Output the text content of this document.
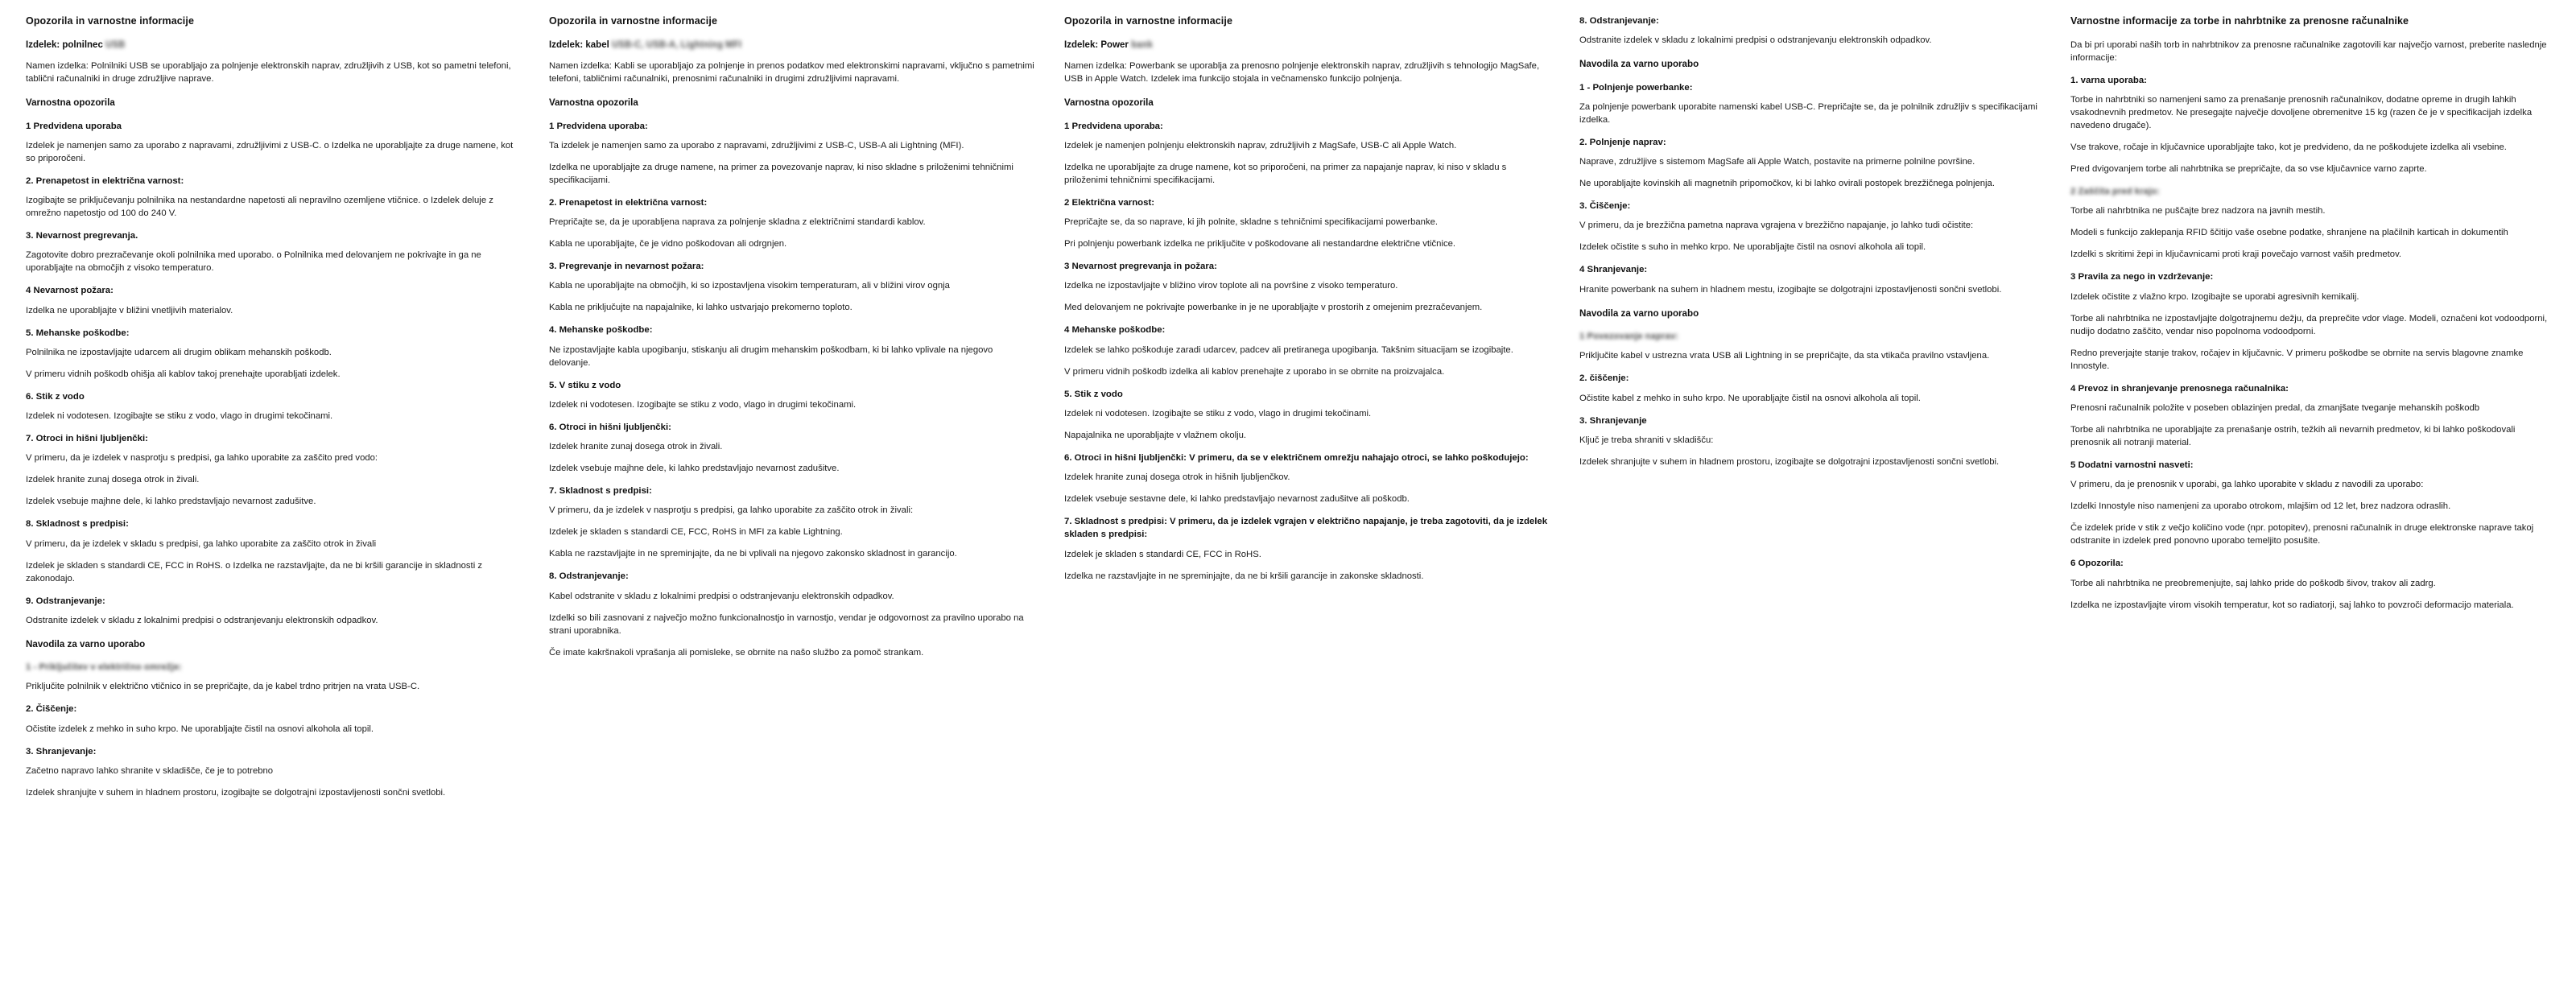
Opozorila in varnostne informacije
Izdelek: polnilnec USB

Namen izdelka: Polnilniki USB se uporabljajo za polnjenje elektronskih naprav, združljivih z USB, kot so pametni telefoni, tablični računalniki in druge združljive naprave.

Varnostna opozorila
1 Predvidena uporaba

Izdelek je namenjen samo za uporabo z napravami, združljivimi z USB-C. o Izdelka ne uporabljajte za druge namene, kot so priporočeni.

2. Prenapetost in električna varnost:

Izogibajte se priključevanju polnilnika na nestandardne napetosti ali nepravilno ozemljene vtičnice. o Izdelek deluje z omrežno napetostjo od 100 do 240 V.

3. Nevarnost pregrevanja.

Zagotovite dobro prezračevanje okoli polnilnika med uporabo. o Polnilnika med delovanjem ne pokrivajte in ga ne uporabljajte na območjih z visoko temperaturo.

4 Nevarnost požara:

Izdelka ne uporabljajte v bližini vnetljivih materialov.

5. Mehanske poškodbe:

Polnilnika ne izpostavljajte udarcem ali drugim oblikam mehanskih poškodb.

V primeru vidnih poškodb ohišja ali kablov takoj prenehajte uporabljati izdelek.

6. Stik z vodo

Izdelek ni vodotesen. Izogibajte se stiku z vodo, vlago in drugimi tekočinami.

7. Otroci in hišni ljubljenčki:

V primeru, da je izdelek v nasprotju s predpisi, ga lahko uporabite za zaščito pred vodo:

Izdelek hranite zunaj dosega otrok in živali.

Izdelek vsebuje majhne dele, ki lahko predstavljajo nevarnost zadušitve.

8. Skladnost s predpisi:

V primeru, da je izdelek v skladu s predpisi, ga lahko uporabite za zaščito otrok in živali

Izdelek je skladen s standardi CE, FCC in RoHS. o Izdelka ne razstavljajte, da ne bi kršili garancije in skladnosti z zakonodajo.

9. Odstranjevanje:

Odstranite izdelek v skladu z lokalnimi predpisi o odstranjevanju elektronskih odpadkov.

Navodila za varno uporabo
1 - Priključitev v električno omrežje:

Priključite polnilnik v električno vtičnico in se prepričajte, da je kabel trdno pritrjen na vrata USB-C.

2. Čiščenje:

Očistite izdelek z mehko in suho krpo. Ne uporabljajte čistil na osnovi alkohola ali topil.

3. Shranjevanje:

Začetno napravo lahko shranite v skladišče, če je to potrebno

Izdelek shranjujte v suhem in hladnem prostoru, izogibajte se dolgotrajni izpostavljenosti sončni svetlobi.

Opozorila in varnostne informacije
Izdelek: kabel USB-C, USB-A, Lightning MFI

Namen izdelka: Kabli se uporabljajo za polnjenje in prenos podatkov med elektronskimi napravami, vključno s pametnimi telefoni, tabličnimi računalniki, prenosnimi računalniki in drugimi združljivimi napravami.

Varnostna opozorila
1 Predvidena uporaba:

Ta izdelek je namenjen samo za uporabo z napravami, združljivimi z USB-C, USB-A ali Lightning (MFI).

Izdelka ne uporabljajte za druge namene, na primer za povezovanje naprav, ki niso skladne s priloženimi tehničnimi specifikacijami.

2. Prenapetost in električna varnost:

Prepričajte se, da je uporabljena naprava za polnjenje skladna z električnimi standardi kablov.

Kabla ne uporabljajte, če je vidno poškodovan ali odrgnjen.

3. Pregrevanje in nevarnost požara:

Kabla ne uporabljajte na območjih, ki so izpostavljena visokim temperaturam, ali v bližini virov ognja

Kabla ne priključujte na napajalnike, ki lahko ustvarjajo prekomerno toploto.

4. Mehanske poškodbe:

Ne izpostavljajte kabla upogibanju, stiskanju ali drugim mehanskim poškodbam, ki bi lahko vplivale na njegovo delovanje.

5. V stiku z vodo

Izdelek ni vodotesen. Izogibajte se stiku z vodo, vlago in drugimi tekočinami.

6. Otroci in hišni ljubljenčki:

Izdelek hranite zunaj dosega otrok in živali.

Izdelek vsebuje majhne dele, ki lahko predstavljajo nevarnost zadušitve.

7. Skladnost s predpisi:

V primeru, da je izdelek v nasprotju s predpisi, ga lahko uporabite za zaščito otrok in živali:

Izdelek je skladen s standardi CE, FCC, RoHS in MFI za kable Lightning.

Kabla ne razstavljajte in ne spreminjajte, da ne bi vplivali na njegovo zakonsko skladnost in garancijo.

8. Odstranjevanje:

Kabel odstranite v skladu z lokalnimi predpisi o odstranjevanju elektronskih odpadkov.

Izdelki so bili zasnovani z največjo možno funkcionalnostjo in varnostjo, vendar je odgovornost za pravilno uporabo na strani uporabnika.

Če imate kakršnakoli vprašanja ali pomisleke, se obrnite na našo službo za pomoč strankam.

Opozorila in varnostne informacije
Izdelek: Power bank

Namen izdelka: Powerbank se uporablja za prenosno polnjenje elektronskih naprav, združljivih s tehnologijo MagSafe, USB in Apple Watch. Izdelek ima funkcijo stojala in večnamensko funkcijo polnjenja.

Varnostna opozorila
1 Predvidena uporaba:

Izdelek je namenjen polnjenju elektronskih naprav, združljivih z MagSafe, USB-C ali Apple Watch.

Izdelka ne uporabljajte za druge namene, kot so priporočeni, na primer za napajanje naprav, ki niso v skladu s priloženimi tehničnimi specifikacijami.

2 Električna varnost:

Prepričajte se, da so naprave, ki jih polnite, skladne s tehničnimi specifikacijami powerbanke.

Pri polnjenju powerbank izdelka ne priključite v poškodovane ali nestandardne električne vtičnice.

3 Nevarnost pregrevanja in požara:

Izdelka ne izpostavljajte v bližino virov toplote ali na površine z visoko temperaturo.

Med delovanjem ne pokrivajte powerbanke in je ne uporabljajte v prostorih z omejenim prezračevanjem.

4 Mehanske poškodbe:

Izdelek se lahko poškoduje zaradi udarcev, padcev ali pretiranega upogibanja. Takšnim situacijam se izogibajte.

V primeru vidnih poškodb izdelka ali kablov prenehajte z uporabo in se obrnite na proizvajalca.

5. Stik z vodo

Izdelek ni vodotesen. Izogibajte se stiku z vodo, vlago in drugimi tekočinami.

Napajalnika ne uporabljajte v vlažnem okolju.

6. Otroci in hišni ljubljenčki: V primeru, da se v električnem omrežju nahajajo otroci, se lahko poškodujejo:

Izdelek hranite zunaj dosega otrok in hišnih ljubljenčkov.

Izdelek vsebuje sestavne dele, ki lahko predstavljajo nevarnost zadušitve ali poškodb.

7. Skladnost s predpisi: V primeru, da je izdelek vgrajen v električno napajanje, je treba zagotoviti, da je izdelek skladen s predpisi:

Izdelek je skladen s standardi CE, FCC in RoHS.

Izdelka ne razstavljajte in ne spreminjajte, da ne bi kršili garancije in zakonske skladnosti.

8. Odstranjevanje:

Odstranite izdelek v skladu z lokalnimi predpisi o odstranjevanju elektronskih odpadkov.

Navodila za varno uporabo
1 - Polnjenje powerbanke:

Za polnjenje powerbank uporabite namenski kabel USB-C. Prepričajte se, da je polnilnik združljiv s specifikacijami izdelka.

2. Polnjenje naprav:

Naprave, združljive s sistemom MagSafe ali Apple Watch, postavite na primerne polnilne površine.

Ne uporabljajte kovinskih ali magnetnih pripomočkov, ki bi lahko ovirali postopek brezžičnega polnjenja.

3. Čiščenje:

V primeru, da je brezžična pametna naprava vgrajena v brezžično napajanje, jo lahko tudi očistite:

Izdelek očistite s suho in mehko krpo. Ne uporabljajte čistil na osnovi alkohola ali topil.

4 Shranjevanje:

Hranite powerbank na suhem in hladnem mestu, izogibajte se dolgotrajni izpostavljenosti sončni svetlobi.

Navodila za varno uporabo
1 Povezovanje naprav:

Priključite kabel v ustrezna vrata USB ali Lightning in se prepričajte, da sta vtikača pravilno vstavljena.

2. čiščenje:

Očistite kabel z mehko in suho krpo. Ne uporabljajte čistil na osnovi alkohola ali topil.

3. Shranjevanje

Ključ je treba shraniti v skladišču:

Izdelek shranjujte v suhem in hladnem prostoru, izogibajte se dolgotrajni izpostavljenosti sončni svetlobi.

Varnostne informacije za torbe in nahrbtnike za prenosne računalnike

Da bi pri uporabi naših torb in nahrbtnikov za prenosne računalnike zagotovili kar največjo varnost, preberite naslednje informacije:

1. varna uporaba:

Torbe in nahrbtniki so namenjeni samo za prenašanje prenosnih računalnikov, dodatne opreme in drugih lahkih vsakodnevnih predmetov. Ne presegajte največje dovoljene obremenitve 15 kg (razen če je v specifikacijah izdelka navedeno drugače).

Vse trakove, ročaje in ključavnice uporabljajte tako, kot je predvideno, da ne poškodujete izdelka ali vsebine.

Pred dvigovanjem torbe ali nahrbtnika se prepričajte, da so vse ključavnice varno zaprte.

2 Zaščita pred krajo:

Torbe ali nahrbtnika ne puščajte brez nadzora na javnih mestih.

Modeli s funkcijo zaklepanja RFID ščitijo vaše osebne podatke, shranjene na plačilnih karticah in dokumentih

Izdelki s skritimi žepi in ključavnicami proti kraji povečajo varnost vaših predmetov.

3 Pravila za nego in vzdrževanje:

Izdelek očistite z vlažno krpo. Izogibajte se uporabi agresivnih kemikalij.

Torbe ali nahrbtnika ne izpostavljajte dolgotrajnemu dežju, da preprečite vdor vlage. Modeli, označeni kot vodoodporni, nudijo dodatno zaščito, vendar niso popolnoma vodoodporni.

Redno preverjajte stanje trakov, ročajev in ključavnic. V primeru poškodbe se obrnite na servis blagovne znamke Innostyle.

4 Prevoz in shranjevanje prenosnega računalnika:

Prenosni računalnik položite v poseben oblazinjen predal, da zmanjšate tveganje mehanskih poškodb

Torbe ali nahrbtnika ne uporabljajte za prenašanje ostrih, težkih ali nevarnih predmetov, ki bi lahko poškodovali prenosnik ali notranji material.

5 Dodatni varnostni nasveti:

V primeru, da je prenosnik v uporabi, ga lahko uporabite v skladu z navodili za uporabo:

Izdelki Innostyle niso namenjeni za uporabo otrokom, mlajšim od 12 let, brez nadzora odraslih.

Če izdelek pride v stik z večjo količino vode (npr. potopitev), prenosni računalnik in druge elektronske naprave takoj odstranite in izdelek pred ponovno uporabo temeljito posušite.

6 Opozorila:

Torbe ali nahrbtnika ne preobremenjujte, saj lahko pride do poškodb šivov, trakov ali zadrg.

Izdelka ne izpostavljajte virom visokih temperatur, kot so radiatorji, saj lahko to povzroči deformacijo materiala.
